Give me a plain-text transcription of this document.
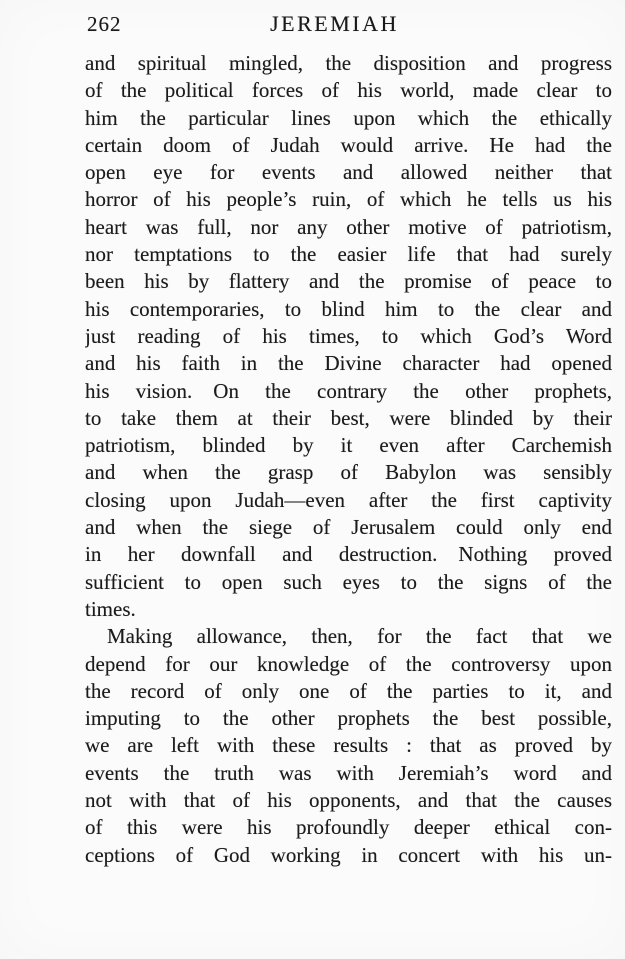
262	JEREMIAH
and spiritual mingled, the disposition and progress
of the political forces of his world, made clear to
him the particular lines upon which the ethically
certain doom of Judah would arrive. He had the
open eye for events and allowed neither that
horror of his people’s ruin, of which he tells us his
heart was full, nor any other motive of patriotism,
nor temptations to the easier life that had surely
been his by flattery and the promise of peace to
his contemporaries, to blind him to the clear and
just reading of his times, to which God’s Word
and his faith in the Divine character had opened
his vision. On the contrary the other prophets,
to take them at their best, were blinded by their
patriotism, blinded by it even after Carchemish
and when the grasp of Babylon was sensibly
closing upon Judah—even after the first captivity
and when the siege of Jerusalem could only end
in her downfall and destruction. Nothing proved
sufficient to open such eyes to the signs of the
times.
Making allowance, then, for the fact that we
depend for our knowledge of the controversy upon
the record of only one of the parties to it, and
imputing to the other prophets the best possible,
we are left with these results : that as proved by
events the truth was with Jeremiah’s word and
not with that of his opponents, and that the causes
of this were his profoundly deeper ethical con-
ceptions of God working in concert with his un-
